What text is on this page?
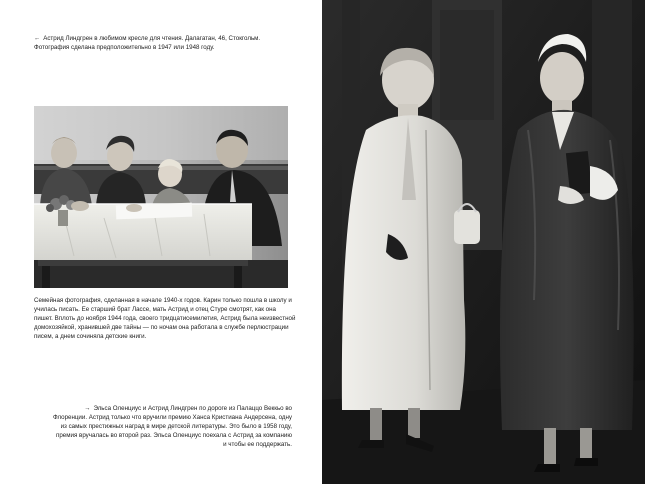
← Астрид Линдгрен в любимом кресле для чтения. Далагатан, 46, Стокгольм. Фотография сделана предположительно в 1947 или 1948 году.
Семейная фотография, сделанная в начале 1940-х годов. Карин только пошла в школу и училась писать. Ее старший брат Лассе, мать Астрид и отец Стуре смотрят, как она пишет. Вплоть до ноября 1944 года, своего тридцатисемилетия, Астрид была неизвестной домохозяйкой, хранившей две тайны — по ночам она работала в службе перлюстрации писем, а днем сочиняла детские книги.
→ Эльса Оленциус и Астрид Линдгрен по дороге из Палаццо Веккьо во Флоренции. Астрид только что вручили премию Ханса Кристиана Андерсена, одну из самых престижных наград в мире детской литературы. Это было в 1958 году, премия вручалась во второй раз. Эльса Оленциус поехала с Астрид за компанию и чтобы ее поддержать.
